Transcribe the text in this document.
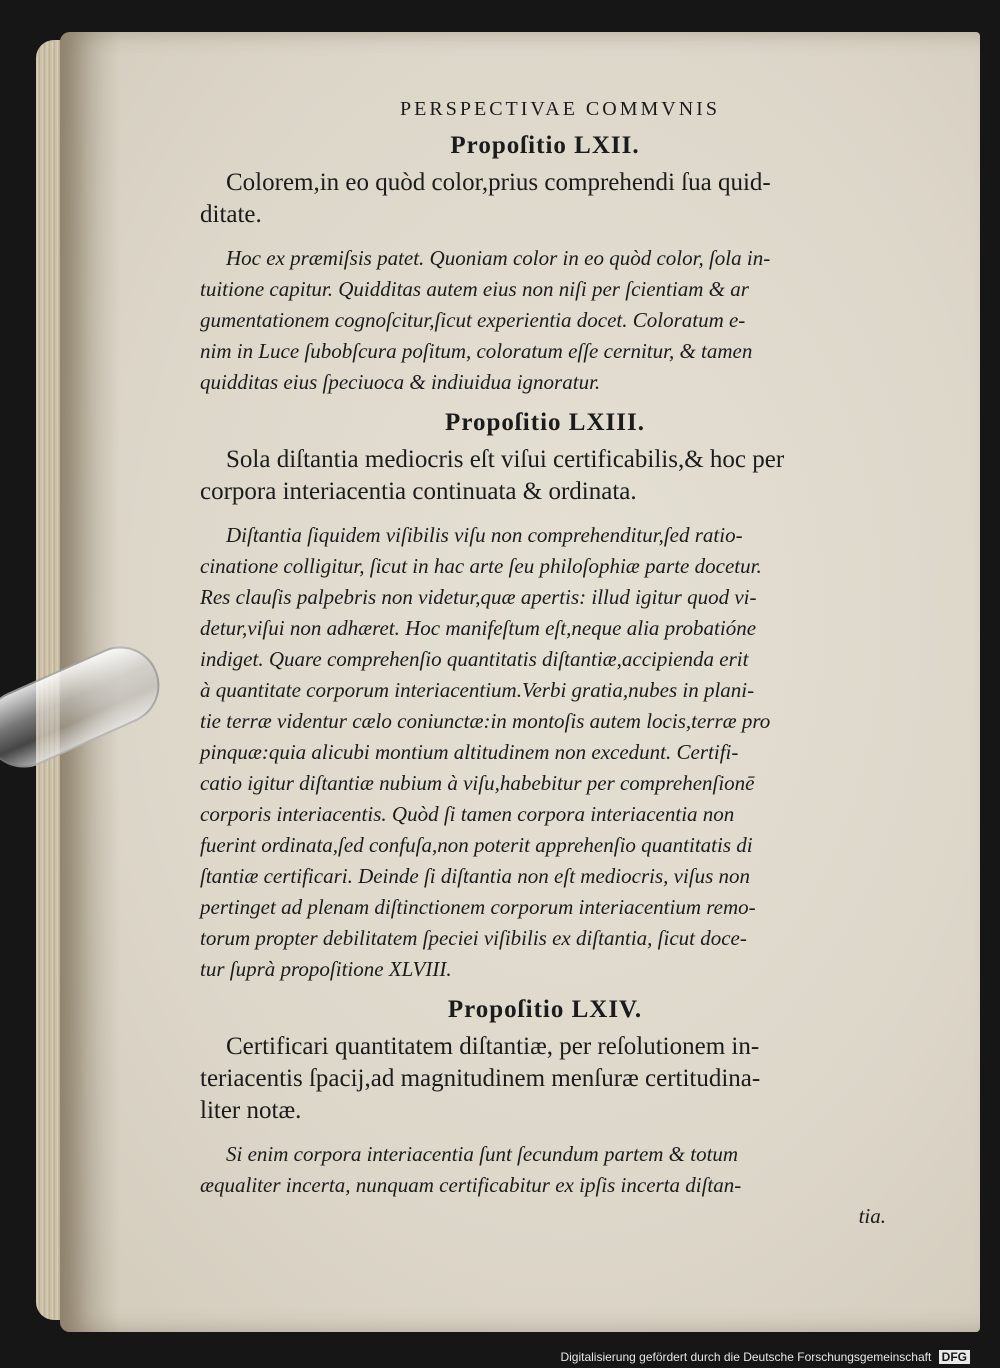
PERSPECTIVAE COMMVNIS
Propoſitio LXII.

Colorem,in eo quòd color,prius comprehendi ſua quid-
ditate.

Hoc ex præmiſsis patet. Quoniam color in eo quòd color, ſola in-
tuitione capitur. Quidditas autem eius non niſi per ſcientiam & ar
gumentationem cognoſcitur,ſicut experientia docet. Coloratum e-
nim in Luce ſubobſcura poſitum, coloratum eſſe cernitur, & tamen
quidditas eius ſpeciuoca & indiuidua ignoratur.

Propoſitio LXIII.

Sola diſtantia mediocris eſt viſui certificabilis,& hoc per
corpora interiacentia continuata & ordinata.

Diſtantia ſiquidem viſibilis viſu non comprehenditur,ſed ratio-
cinatione colligitur, ſicut in hac arte ſeu philoſophiæ parte docetur.
Res clauſis palpebris non videtur,quæ apertis: illud igitur quod vi-
detur,viſui non adhæret. Hoc manifeſtum eſt,neque alia probatióne
indiget. Quare comprehenſio quantitatis diſtantiæ,accipienda erit
à quantitate corporum interiacentium.Verbi gratia,nubes in plani-
tie terræ videntur cælo coniunctæ:in montoſis autem locis,terræ pro
pinquæ:quia alicubi montium altitudinem non excedunt. Certifi-
catio igitur diſtantiæ nubium à viſu,habebitur per comprehenſionē
corporis interiacentis. Quòd ſi tamen corpora interiacentia non
fuerint ordinata,ſed confuſa,non poterit apprehenſio quantitatis di
ſtantiæ certificari. Deinde ſi diſtantia non eſt mediocris, viſus non
pertinget ad plenam diſtinctionem corporum interiacentium remo-
torum propter debilitatem ſpeciei viſibilis ex diſtantia, ſicut doce-
tur ſuprà propoſitione XLVIII.

Propoſitio LXIV.

Certificari quantitatem diſtantiæ, per reſolutionem in-
teriacentis ſpacij,ad magnitudinem menſuræ certitudina-
liter notæ.

Si enim corpora interiacentia ſunt ſecundum partem & totum
æqualiter incerta, nunquam certificabitur ex ipſis incerta diſtan-
tia.

Digitalisierung gefördert durch die Deutsche Forschungsgemeinschaft DFG
